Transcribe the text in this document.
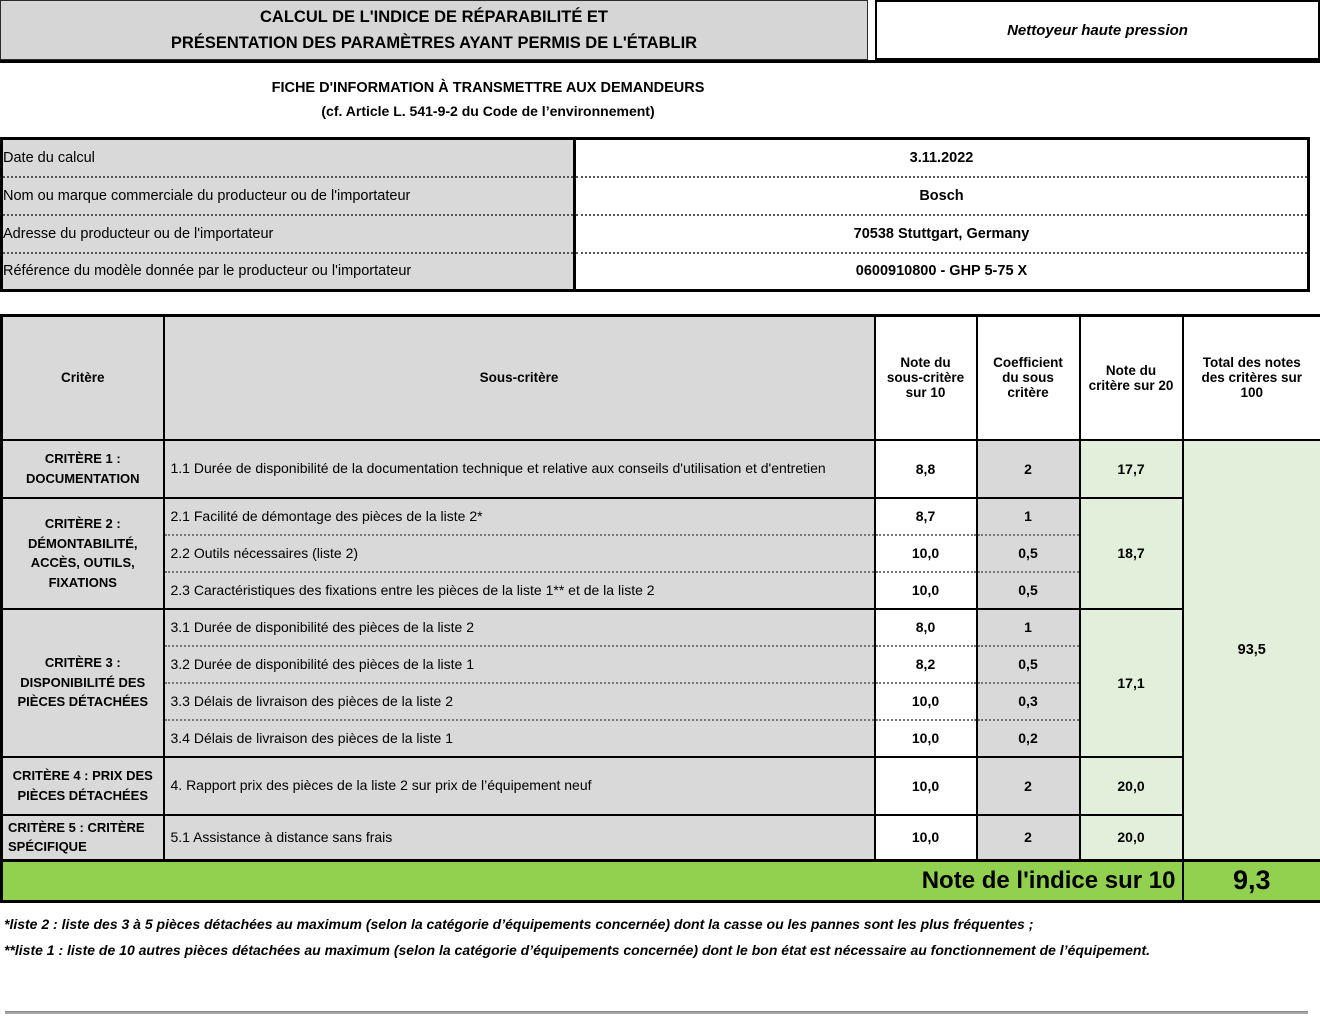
CALCUL DE L'INDICE DE RÉPARABILITÉ ET
PRÉSENTATION DES PARAMÈTRES AYANT PERMIS DE L'ÉTABLIR
Nettoyeur haute pression
FICHE D'INFORMATION À TRANSMETTRE AUX DEMANDEURS
(cf. Article L. 541-9-2 du Code de l’environnement)
Date du calcul	3.11.2022
Nom ou marque commerciale du producteur ou de l'importateur	Bosch
Adresse du producteur ou de l'importateur	70538 Stuttgart, Germany
Référence du modèle donnée par le producteur ou l'importateur	0600910800 - GHP 5-75 X
Critère	Sous-critère	Note du sous-critère sur 10	Coefficient du sous critère	Note du critère sur 20	Total des notes des critères sur 100
CRITÈRE 1 : DOCUMENTATION	1.1 Durée de disponibilité de la documentation technique et relative aux conseils d'utilisation et d'entretien	8,8	2	17,7	93,5
CRITÈRE 2 : DÉMONTABILITÉ, ACCÈS, OUTILS, FIXATIONS	2.1 Facilité de démontage des pièces de la liste 2*	8,7	1	18,7	
	2.2 Outils nécessaires (liste 2)	10,0	0,5		
	2.3 Caractéristiques des fixations entre les pièces de la liste 1** et de la liste 2	10,0	0,5		
CRITÈRE 3 : DISPONIBILITÉ DES PIÈCES DÉTACHÉES	3.1 Durée de disponibilité des pièces de la liste 2	8,0	1	17,1	
	3.2 Durée de disponibilité des pièces de la liste 1	8,2	0,5		
	3.3 Délais de livraison des pièces de la liste 2	10,0	0,3		
	3.4 Délais de livraison des pièces de la liste 1	10,0	0,2		
CRITÈRE 4 : PRIX DES PIÈCES DÉTACHÉES	4. Rapport prix des pièces de la liste 2 sur prix de l’équipement neuf	10,0	2	20,0	
CRITÈRE 5 : CRITÈRE SPÉCIFIQUE	5.1 Assistance à distance sans frais	10,0	2	20,0	
Note de l'indice sur 10					9,3
*liste 2 : liste des 3 à 5 pièces détachées au maximum (selon la catégorie d’équipements concernée) dont la casse ou les pannes sont les plus fréquentes ;
**liste 1 : liste de 10 autres pièces détachées au maximum (selon la catégorie d’équipements concernée) dont le bon état est nécessaire au fonctionnement de l’équipement.
